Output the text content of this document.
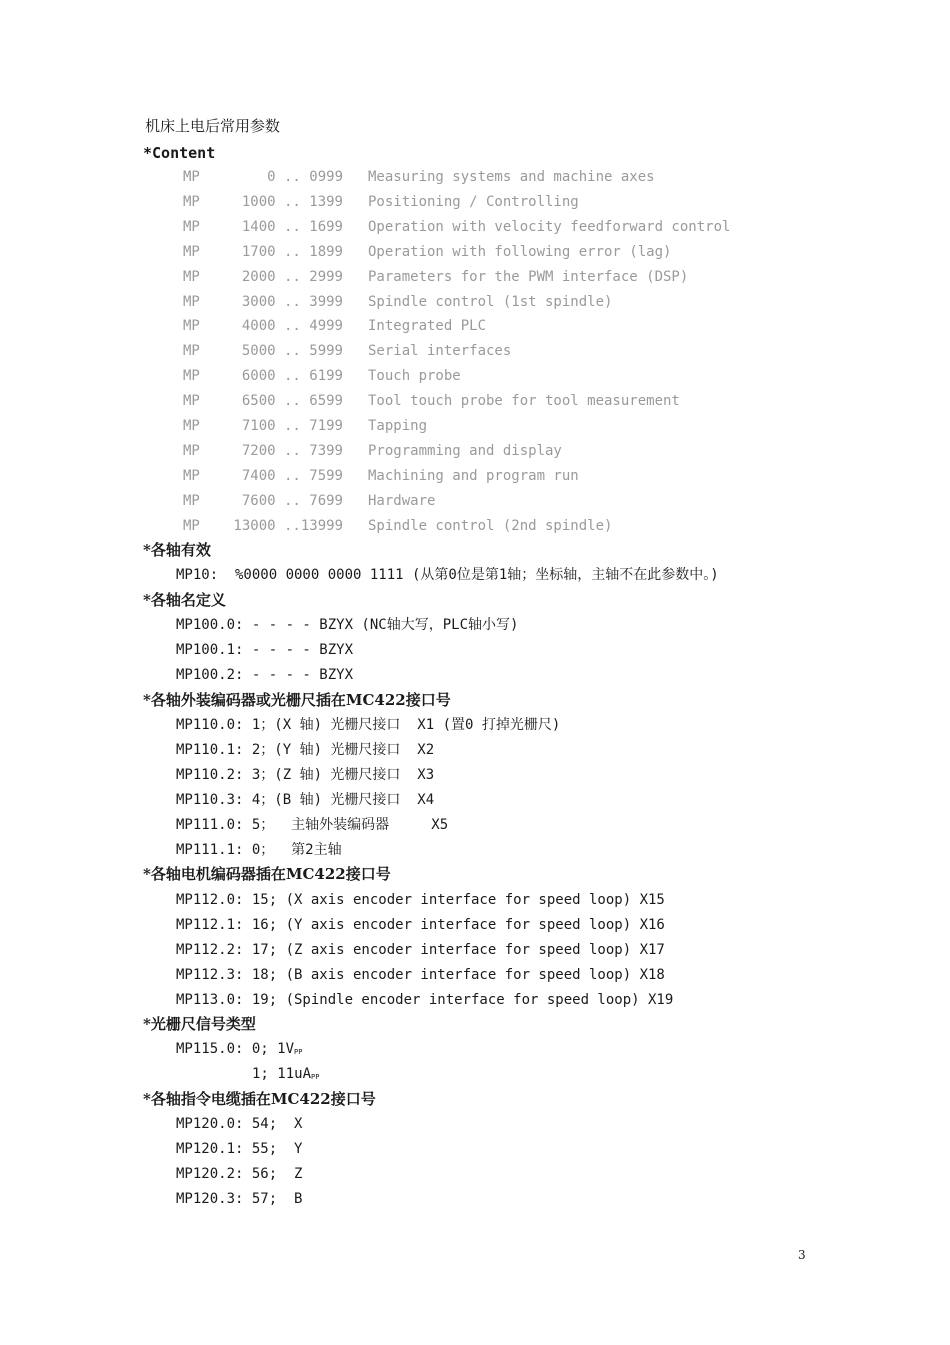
机床上电后常用参数
*Content
MP	0 .. 0999 Measuring systems and machine axes
MP	1000 .. 1399 Positioning / Controlling
MP	1400 .. 1699 Operation with velocity feedforward control
MP	1700 .. 1899 Operation with following error (lag)
MP	2000 .. 2999 Parameters for the PWM interface (DSP)
MP	3000 .. 3999 Spindle control (1st spindle)
MP	4000 .. 4999 Integrated PLC
MP	5000 .. 5999 Serial interfaces
MP	6000 .. 6199 Touch probe
MP	6500 .. 6599 Tool touch probe for tool measurement
MP	7100 .. 7199 Tapping
MP	7200 .. 7399 Programming and display
MP	7400 .. 7599 Machining and program run
MP	7600 .. 7699 Hardware
MP	13000 ..13999 Spindle control (2nd spindle)
*各轴有效
MP10:  %0000 0000 0000 1111 (从第0位是第1轴；坐标轴，主轴不在此参数中。)
*各轴名定义
MP100.0: - - - - BZYX (NC轴大写，PLC轴小写)
MP100.1: - - - - BZYX
MP100.2: - - - - BZYX
*各轴外装编码器或光栅尺插在MC422接口号
MP110.0: 1；(X 轴) 光栅尺接口  X1 (置0 打掉光栅尺)
MP110.1: 2；(Y 轴) 光栅尺接口  X2
MP110.2: 3；(Z 轴) 光栅尺接口  X3
MP110.3: 4；(B 轴) 光栅尺接口  X4
MP111.0: 5；  主轴外装编码器     X5
MP111.1: 0；  第2主轴
*各轴电机编码器插在MC422接口号
MP112.0: 15; (X axis encoder interface for speed loop) X15
MP112.1: 16; (Y axis encoder interface for speed loop) X16
MP112.2: 17; (Z axis encoder interface for speed loop) X17
MP112.3: 18; (B axis encoder interface for speed loop) X18
MP113.0: 19; (Spindle encoder interface for speed loop) X19
*光栅尺信号类型
MP115.0: 0; 1VPP
1; 11uAPP
*各轴指令电缆插在MC422接口号
MP120.0: 54;  X
MP120.1: 55;  Y
MP120.2: 56;  Z
MP120.3: 57;  B
3
